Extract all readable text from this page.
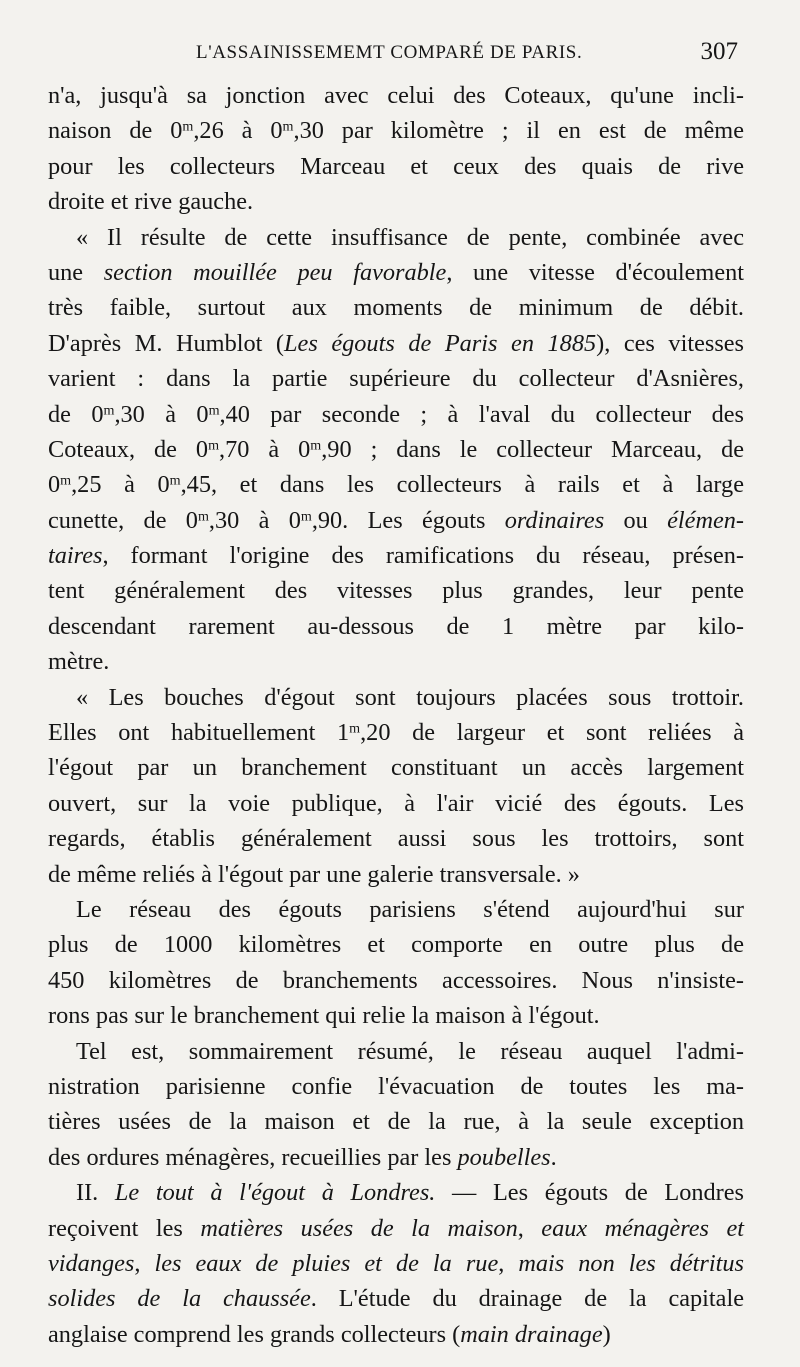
L'ASSAINISSEMEMT COMPARÉ DE PARIS.	307
n'a, jusqu'à sa jonction avec celui des Coteaux, qu'une incli-
naison de 0$^m$,26 à 0$^m$,30 par kilomètre ; il en est de même
pour les collecteurs Marceau et ceux des quais de rive
droite et rive gauche.
« Il résulte de cette insuffisance de pente, combinée avec
une section mouillée peu favorable, une vitesse d'écoulement
très faible, surtout aux moments de minimum de débit.
D'après M. Humblot (Les égouts de Paris en 1885), ces vitesses
varient : dans la partie supérieure du collecteur d'Asnières,
de 0$^m$,30 à 0$^m$,40 par seconde ; à l'aval du collecteur des
Coteaux, de 0$^m$,70 à 0$^m$,90 ; dans le collecteur Marceau, de
0$^m$,25 à 0$^m$,45, et dans les collecteurs à rails et à large
cunette, de 0$^m$,30 à 0$^m$,90. Les égouts ordinaires ou élémen-
taires, formant l'origine des ramifications du réseau, présen-
tent généralement des vitesses plus grandes, leur pente
descendant rarement au-dessous de 1 mètre par kilo-
mètre.
« Les bouches d'égout sont toujours placées sous trottoir.
Elles ont habituellement 1$^m$,20 de largeur et sont reliées à
l'égout par un branchement constituant un accès largement
ouvert, sur la voie publique, à l'air vicié des égouts. Les
regards, établis généralement aussi sous les trottoirs, sont
de même reliés à l'égout par une galerie transversale. »
Le réseau des égouts parisiens s'étend aujourd'hui sur
plus de 1000 kilomètres et comporte en outre plus de
450 kilomètres de branchements accessoires. Nous n'insiste-
rons pas sur le branchement qui relie la maison à l'égout.
Tel est, sommairement résumé, le réseau auquel l'admi-
nistration parisienne confie l'évacuation de toutes les ma-
tières usées de la maison et de la rue, à la seule exception
des ordures ménagères, recueillies par les poubelles.
II. Le tout à l'égout à Londres. — Les égouts de Londres
reçoivent les matières usées de la maison, eaux ménagères et
vidanges, les eaux de pluies et de la rue, mais non les détritus
solides de la chaussée. L'étude du drainage de la capitale
anglaise comprend les grands collecteurs (main drainage)
